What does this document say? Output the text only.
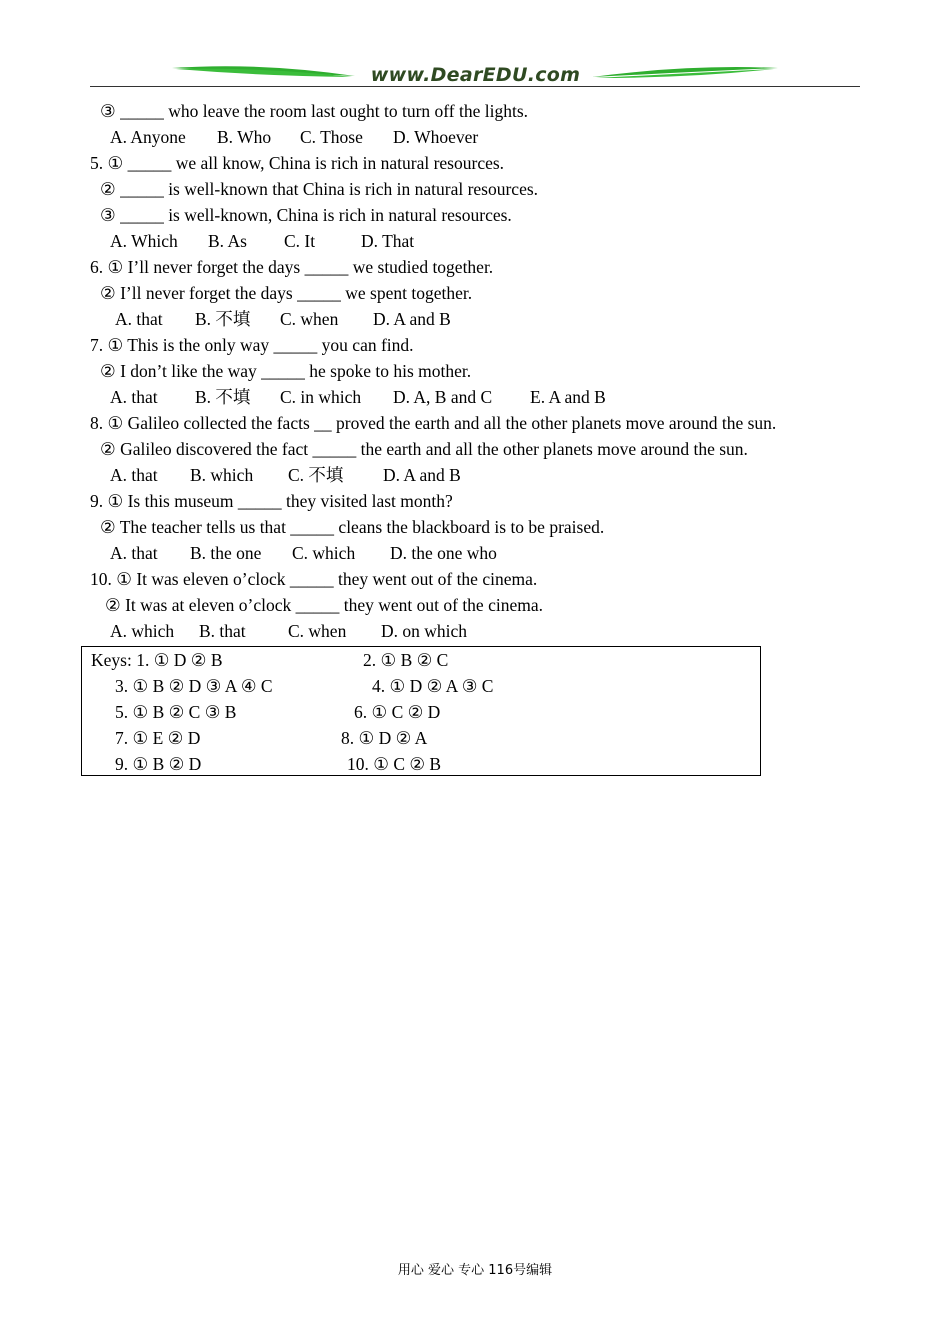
www.DearEDU.com
③ _____ who leave the room last ought to turn off the lights.
A. Anyone B. Who C. Those D. Whoever
5. ① _____ we all know, China is rich in natural resources.
② _____ is well-known that China is rich in natural resources.
③ _____ is well-known, China is rich in natural resources.
A. Which B. As C. It	D. That
6. ① I’ll never forget the days _____ we studied together.
② I’ll never forget the days _____ we spent together.
A. that B. 不填 C. when D. A and B
7. ① This is the only way _____ you can find.
② I don’t like the way _____ he spoke to his mother.
A. that B. 不填 C. in which D. A, B and C E. A and B
8. ① Galileo collected the facts __ proved the earth and all the other planets move around the sun.
② Galileo discovered the fact _____ the earth and all the other planets move around the sun.
A. that B. which C. 不填 D. A and B
9. ① Is this museum _____ they visited last month?
② The teacher tells us that _____ cleans the blackboard is to be praised.
A. that B. the one C. which D. the one who
10. ① It was eleven o’clock _____ they went out of the cinema.
② It was at eleven o’clock _____ they went out of the cinema.
A. which B. that C. when D. on which
Keys: 1. ① D ② B	2. ① B ② C
3. ① B ② D ③ A ④ C	4. ① D ② A ③ C
5. ① B ② C ③ B	6. ① C ② D
7. ① E ② D	8. ① D ② A
9. ① B ② D	10. ① C ② B
用心 爱心 专心 116号编辑
